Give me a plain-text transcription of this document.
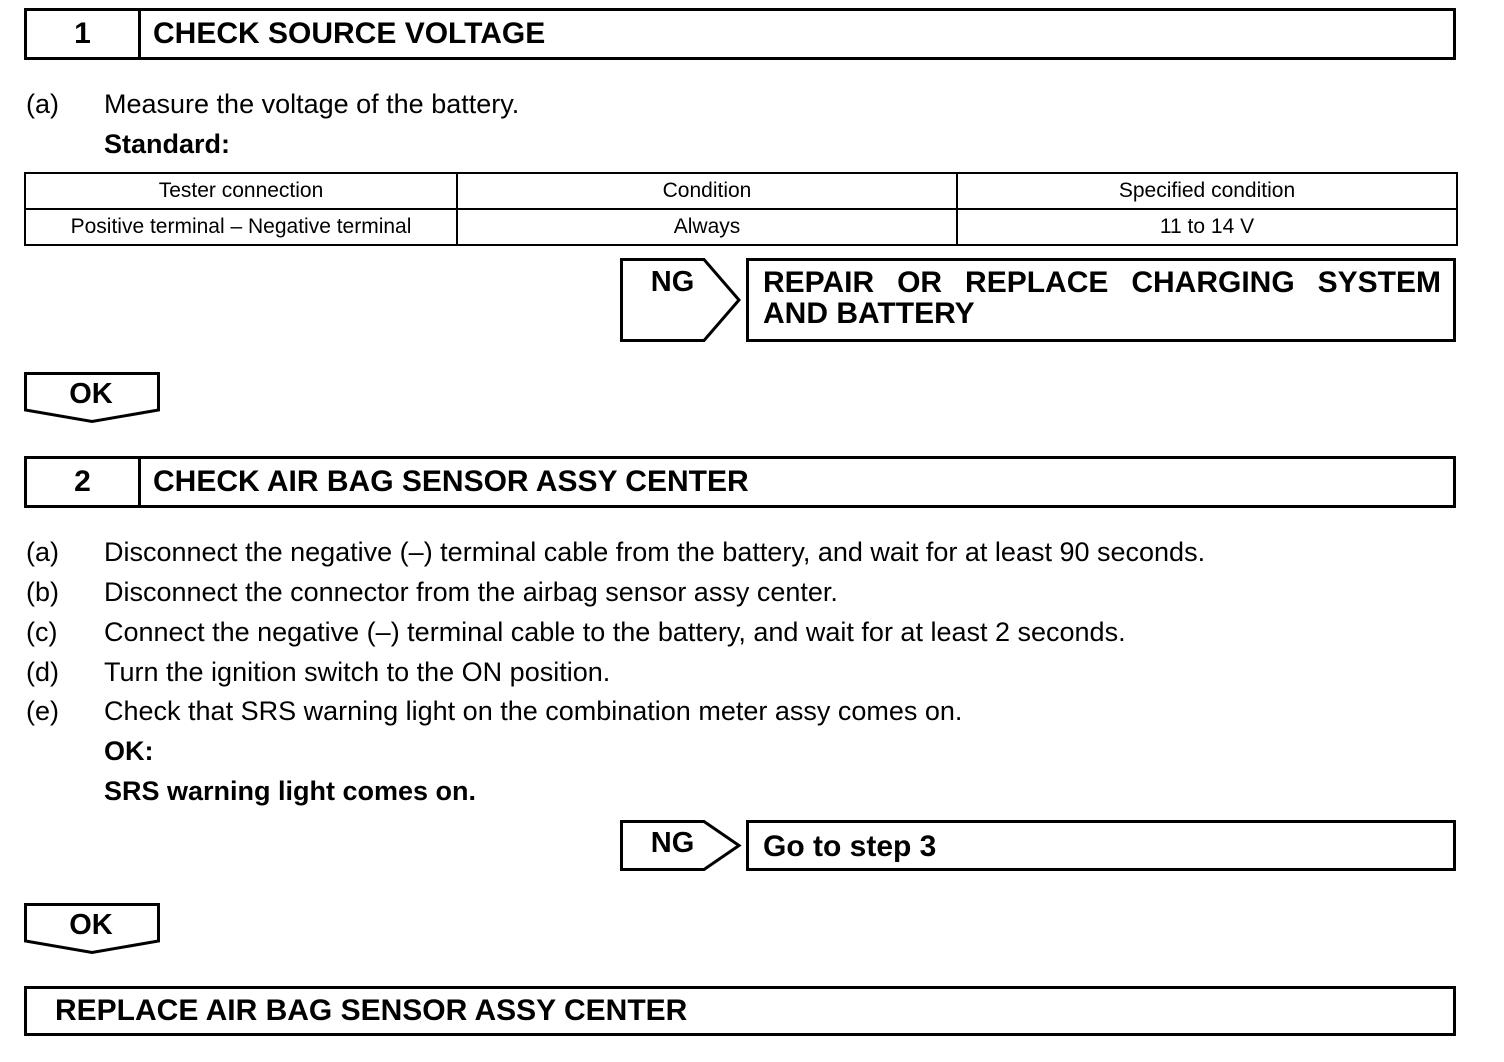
1	CHECK SOURCE VOLTAGE
(a) Measure the voltage of the battery.
Standard:
Tester connection	Condition	Specified condition
Positive terminal – Negative terminal	Always	11 to 14 V
NG	REPAIR OR REPLACE CHARGING SYSTEM
AND BATTERY
OK
2	CHECK AIR BAG SENSOR ASSY CENTER
(a) Disconnect the negative (–) terminal cable from the battery, and wait for at least 90 seconds.
(b) Disconnect the connector from the airbag sensor assy center.
(c) Connect the negative (–) terminal cable to the battery, and wait for at least 2 seconds.
(d) Turn the ignition switch to the ON position.
(e) Check that SRS warning light on the combination meter assy comes on.
OK:
SRS warning light comes on.
NG	Go to step 3
OK
REPLACE AIR BAG SENSOR ASSY CENTER
